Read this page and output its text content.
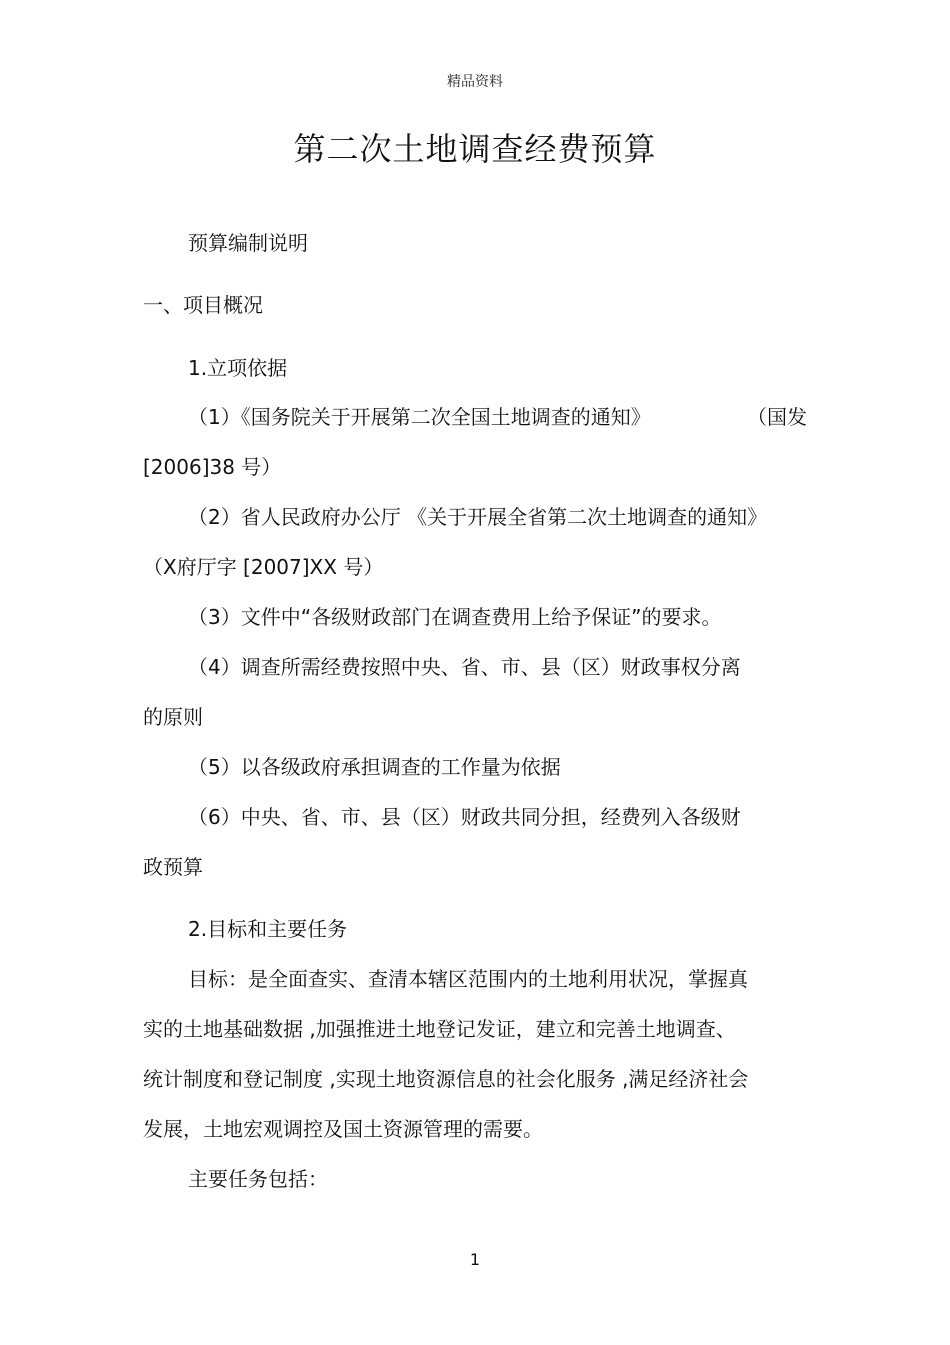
精品资料
第二次土地调查经费预算
预算编制说明
一、项目概况
1.立项依据
（1）《国务院关于开展第二次全国土地调查的通知》	（国发
[2006]38 号）
（2）省人民政府办公厅 《关于开展全省第二次土地调查的通知》
（X府厅字 [2007]XX 号）
（3）文件中“各级财政部门在调查费用上给予保证”的要求。
（4）调查所需经费按照中央、省、市、县（区）财政事权分离
的原则
（5）以各级政府承担调查的工作量为依据
（6）中央、省、市、县（区）财政共同分担，经费列入各级财
政预算
2.目标和主要任务
目标：是全面查实、查清本辖区范围内的土地利用状况，掌握真
实的土地基础数据 ,加强推进土地登记发证，建立和完善土地调查、
统计制度和登记制度 ,实现土地资源信息的社会化服务 ,满足经济社会
发展，土地宏观调控及国土资源管理的需要。
主要任务包括：
1
